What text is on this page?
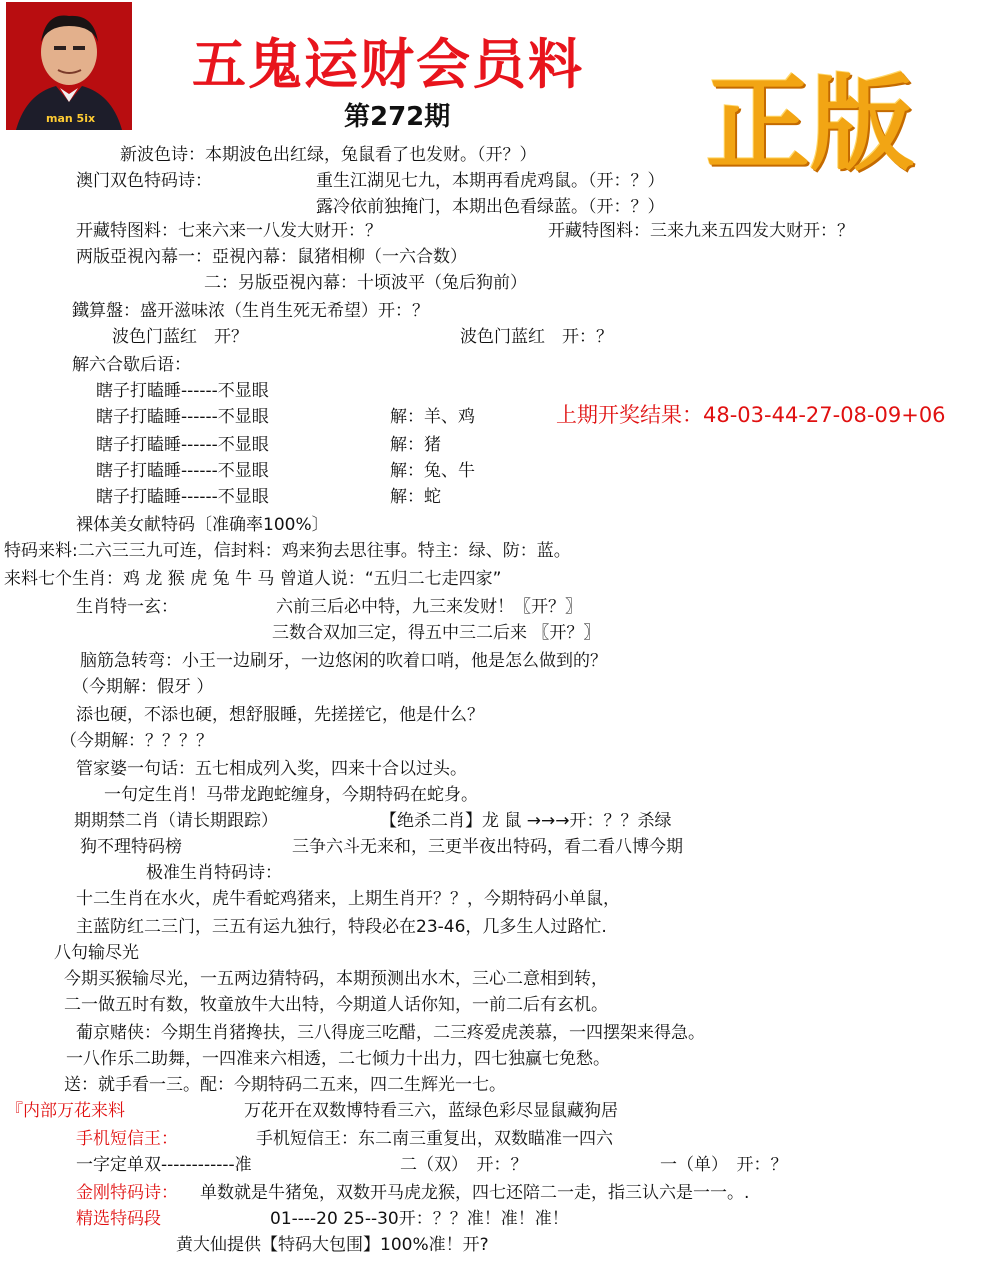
man 5ix
五鬼运财会员料
第272期 正版
新波色诗：本期波色出红绿，兔鼠看了也发财。（开？）
澳门双色特码诗：	重生江湖见七九，本期再看虎鸡鼠。（开：？）
露冷依前独掩门，本期出色看绿蓝。（开：？）
开藏特图料：七来六来一八发大财开：？	开藏特图料：三来九来五四发大财开：？
两版亞視內幕一：亞視內幕：鼠猪相柳（一六合数）
二：另版亞視內幕：十顷波平（兔后狗前）
鐵算盤：盛开滋味浓（生肖生死无希望）开：？
波色门蓝红　开？	波色门蓝红　开：？
解六合歇后语：
瞎子打瞌睡------不显眼
瞎子打瞌睡------不显眼	解：羊、鸡
瞎子打瞌睡------不显眼	解：猪
瞎子打瞌睡------不显眼	解：兔、牛
瞎子打瞌睡------不显眼	解：蛇
上期开奖结果：48-03-44-27-08-09+06
裸体美女献特码〔准确率100%〕
特码来料:二六三三九可连，信封料：鸡来狗去思往事。特主：绿、防：蓝。
来料七个生肖：鸡 龙 猴 虎 兔 牛 马 曾道人说：“五归二七走四家”
生肖特一玄：	六前三后必中特，九三来发财！〖开？〗
三数合双加三定，得五中三二后来 〖开？〗
脑筋急转弯：小王一边刷牙，一边悠闲的吹着口哨，他是怎么做到的？
（今期解：假牙 ）
添也硬，不添也硬，想舒服睡，先搓搓它，他是什么？
（今期解：？？？？
管家婆一句话：五七相成列入奖，四来十合以过头。
一句定生肖！马带龙跑蛇缠身，今期特码在蛇身。
期期禁二肖（请长期跟踪）	【绝杀二肖】龙 鼠 →→→开：？？杀绿
狗不理特码榜	三争六斗无来和，三更半夜出特码，看二看八博今期
极准生肖特码诗：
十二生肖在水火，虎牛看蛇鸡猪来，上期生肖开？？，今期特码小单鼠，
主蓝防红二三门，三五有运九独行，特段必在23-46，几多生人过路忙.
八句输尽光
今期买猴输尽光，一五两边猜特码，本期预测出水木，三心二意相到转，
二一做五时有数，牧童放牛大出特，今期道人话你知，一前二后有玄机。
葡京赌侠：今期生肖猪搀扶，三八得庞三吃醋，二三疼爱虎羡慕，一四摆架来得急。
一八作乐二助舞，一四准来六相透，二七倾力十出力，四七独赢七免愁。
送：就手看一三。配：今期特码二五来，四二生辉光一七。
『内部万花来料	万花开在双数博特看三六，蓝绿色彩尽显鼠藏狗居
手机短信王：	手机短信王：东二南三重复出，双数瞄准一四六
一字定单双------------准	二（双）　开：？	一（单）　开：？
金刚特码诗： 单数就是牛猪兔，双数开马虎龙猴，四七还陪二一走，指三认六是一一。.
精选特码段	01----20 25--30开：？？准！准！准！
黄大仙提供【特码大包围】100%准！开?
